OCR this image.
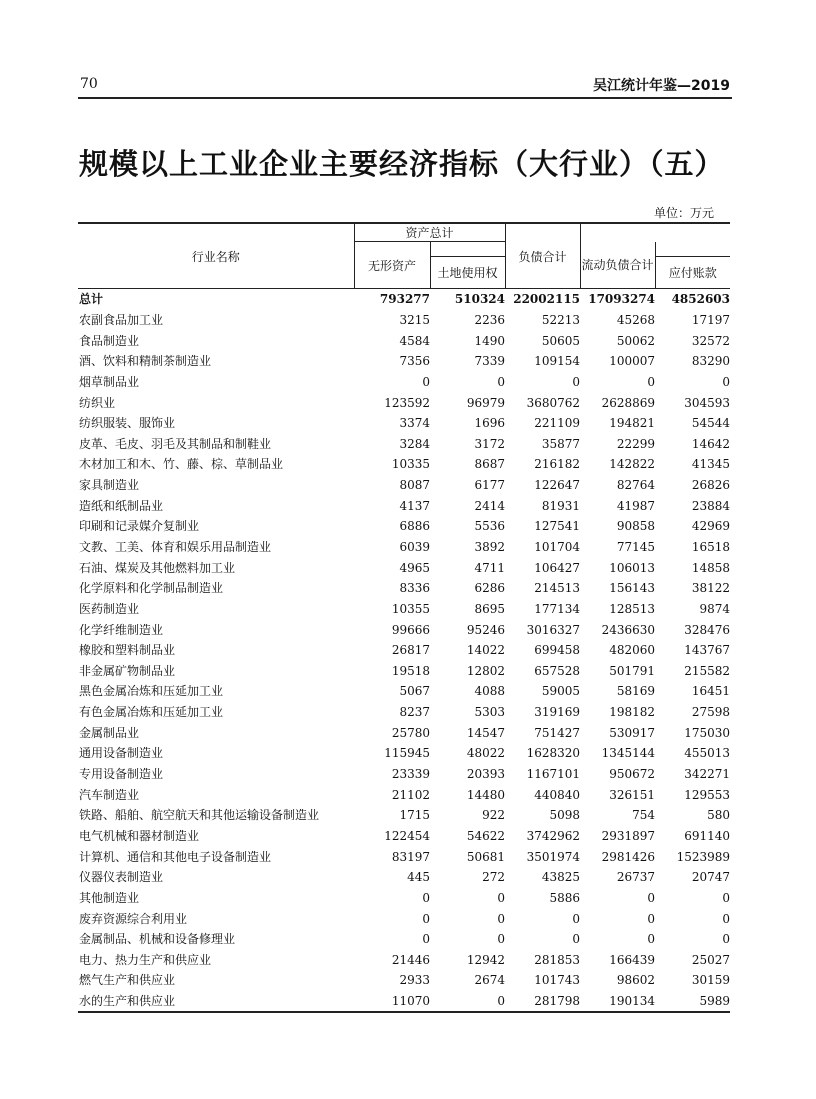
70	吴江统计年鉴—2019
规模以上工业企业主要经济指标（大行业）（五）
单位：万元
行业名称	资产总计		负债合计		
	无形资产			流动负债合计	
		土地使用权			应付账款
总计	793277	510324	22002115	17093274	4852603
农副食品加工业	3215	2236	52213	45268	17197
食品制造业	4584	1490	50605	50062	32572
酒、饮料和精制茶制造业	7356	7339	109154	100007	83290
烟草制品业	0	0	0	0	0
纺织业	123592	96979	3680762	2628869	304593
纺织服装、服饰业	3374	1696	221109	194821	54544
皮革、毛皮、羽毛及其制品和制鞋业	3284	3172	35877	22299	14642
木材加工和木、竹、藤、棕、草制品业	10335	8687	216182	142822	41345
家具制造业	8087	6177	122647	82764	26826
造纸和纸制品业	4137	2414	81931	41987	23884
印刷和记录媒介复制业	6886	5536	127541	90858	42969
文教、工美、体育和娱乐用品制造业	6039	3892	101704	77145	16518
石油、煤炭及其他燃料加工业	4965	4711	106427	106013	14858
化学原料和化学制品制造业	8336	6286	214513	156143	38122
医药制造业	10355	8695	177134	128513	9874
化学纤维制造业	99666	95246	3016327	2436630	328476
橡胶和塑料制品业	26817	14022	699458	482060	143767
非金属矿物制品业	19518	12802	657528	501791	215582
黑色金属冶炼和压延加工业	5067	4088	59005	58169	16451
有色金属冶炼和压延加工业	8237	5303	319169	198182	27598
金属制品业	25780	14547	751427	530917	175030
通用设备制造业	115945	48022	1628320	1345144	455013
专用设备制造业	23339	20393	1167101	950672	342271
汽车制造业	21102	14480	440840	326151	129553
铁路、船舶、航空航天和其他运输设备制造业	1715	922	5098	754	580
电气机械和器材制造业	122454	54622	3742962	2931897	691140
计算机、通信和其他电子设备制造业	83197	50681	3501974	2981426	1523989
仪器仪表制造业	445	272	43825	26737	20747
其他制造业	0	0	5886	0	0
废弃资源综合利用业	0	0	0	0	0
金属制品、机械和设备修理业	0	0	0	0	0
电力、热力生产和供应业	21446	12942	281853	166439	25027
燃气生产和供应业	2933	2674	101743	98602	30159
水的生产和供应业	11070	0	281798	190134	5989
